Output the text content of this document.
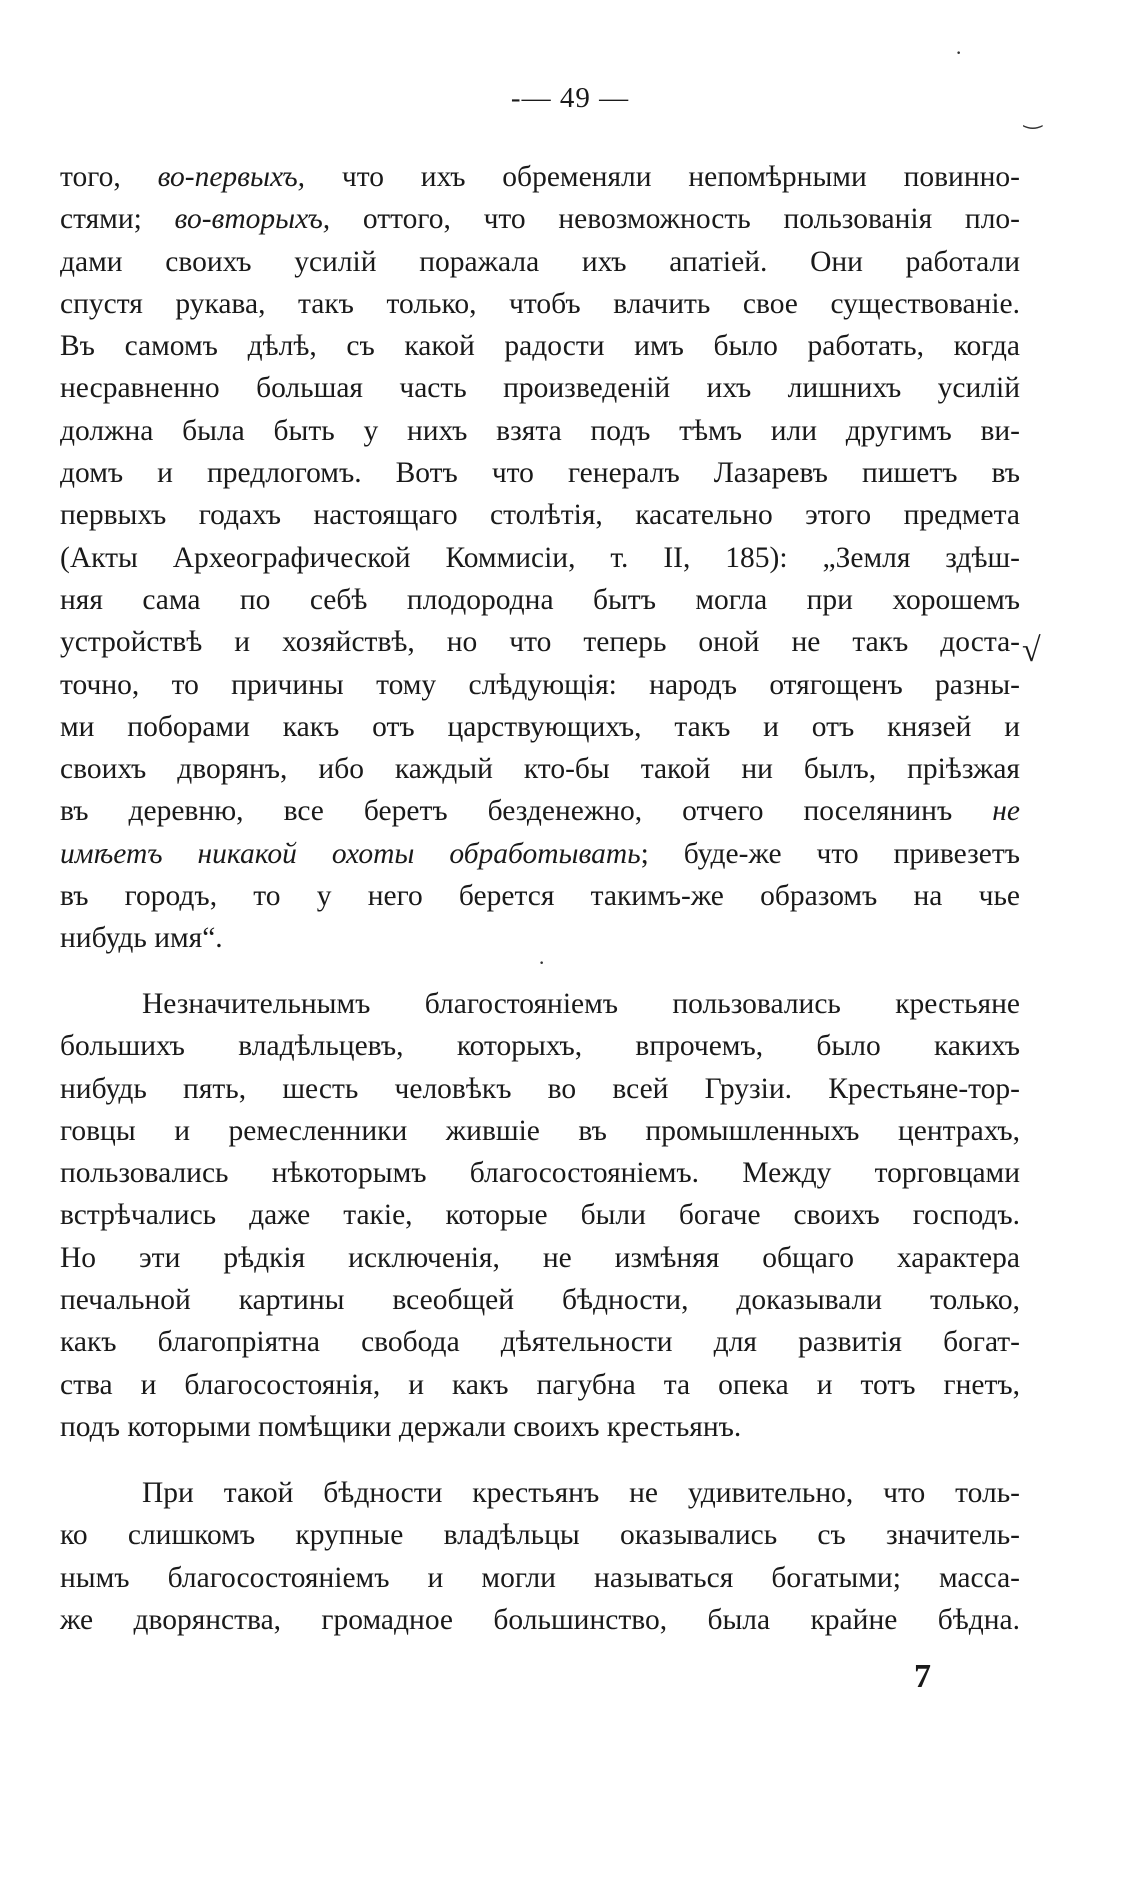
-— 49 —
того, во-первыхъ, что ихъ обременяли непомѣрными повинно-
стями; во-вторыхъ, оттого, что невозможность пользованія пло-
дами своихъ усилій поражала ихъ апатіей. Они работали
спустя рукава, такъ только, чтобъ влачить свое существованіе.
Въ самомъ дѣлѣ, съ какой радости имъ было работать, когда
несравненно большая часть произведеній ихъ лишнихъ усилій
должна была быть у нихъ взята подъ тѣмъ или другимъ ви-
домъ и предлогомъ. Вотъ что генералъ Лазаревъ пишетъ въ
первыхъ годахъ настоящаго столѣтія, касательно этого предмета
(Акты Археографической Коммисіи, т. II, 185): „Земля здѣш-
няя сама по себѣ плодородна бытъ могла при хорошемъ
устройствѣ и хозяйствѣ, но что теперь оной не такъ доста-
точно, то причины тому слѣдующія: народъ отягощенъ разны-
ми поборами какъ отъ царствующихъ, такъ и отъ князей и
своихъ дворянъ, ибо каждый кто-бы такой ни былъ, пріѣзжая
въ деревню, все беретъ безденежно, отчего поселянинъ не
имѣетъ никакой охоты обработывать; буде-же что привезетъ
въ городъ, то у него берется такимъ-же образомъ на чье
нибудь имя“.
Незначительнымъ благостояніемъ пользовались крестьяне
большихъ владѣльцевъ, которыхъ, впрочемъ, было какихъ
нибудь пять, шесть человѣкъ во всей Грузіи. Крестьяне-тор-
говцы и ремесленники жившіе въ промышленныхъ центрахъ,
пользовались нѣкоторымъ благосостояніемъ. Между торговцами
встрѣчались даже такіе, которые были богаче своихъ господъ.
Но эти рѣдкія исключенія, не измѣняя общаго характера
печальной картины всеобщей бѣдности, доказывали только,
какъ благопріятна свобода дѣятельности для развитія богат-
ства и благосостоянія, и какъ пагубна та опека и тотъ гнетъ,
подъ которыми помѣщики держали своихъ крестьянъ.
При такой бѣдности крестьянъ не удивительно, что толь-
ко слишкомъ крупные владѣльцы оказывались съ значитель-
нымъ благосостояніемъ и могли называться богатыми; масса-
же дворянства, громадное большинство, была крайне бѣдна.
√
7
·
‿
·
